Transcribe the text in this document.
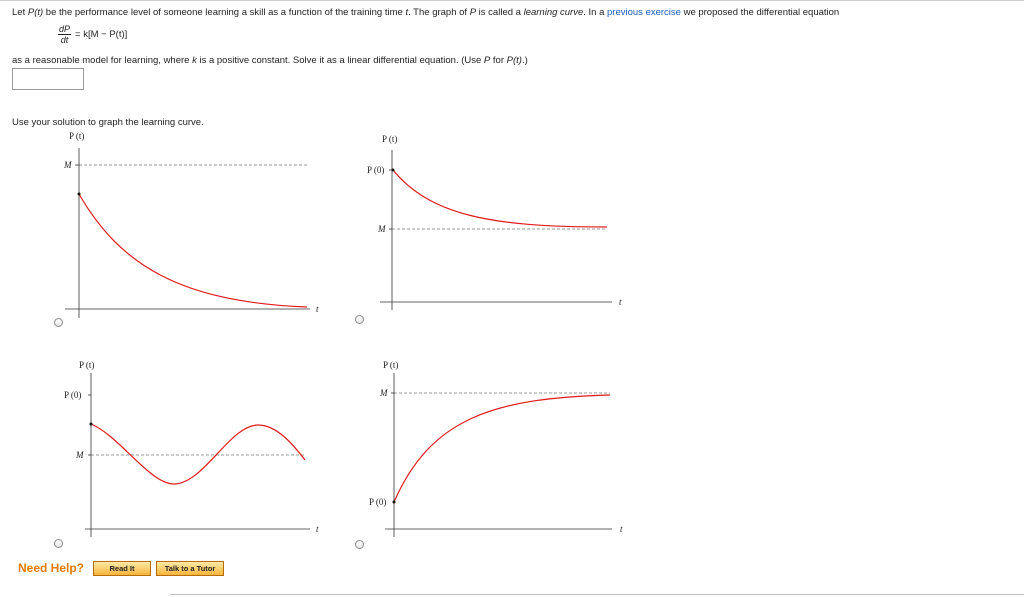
Let P(t) be the performance level of someone learning a skill as a function of the training time t. The graph of P is called a learning curve. In a previous exercise we proposed the differential equation
$\frac{dP}{dt} = k[M - P(t)]$
as a reasonable model for learning, where k is a positive constant. Solve it as a linear differential equation. (Use P for P(t).)
Use your solution to graph the learning curve.
P (t)
t
M
P (t)
t
P (0)
M
P (t)
t
P (0)
M
P (t)
t
M
P (0)
Need Help?	Read It	Talk to a Tutor
